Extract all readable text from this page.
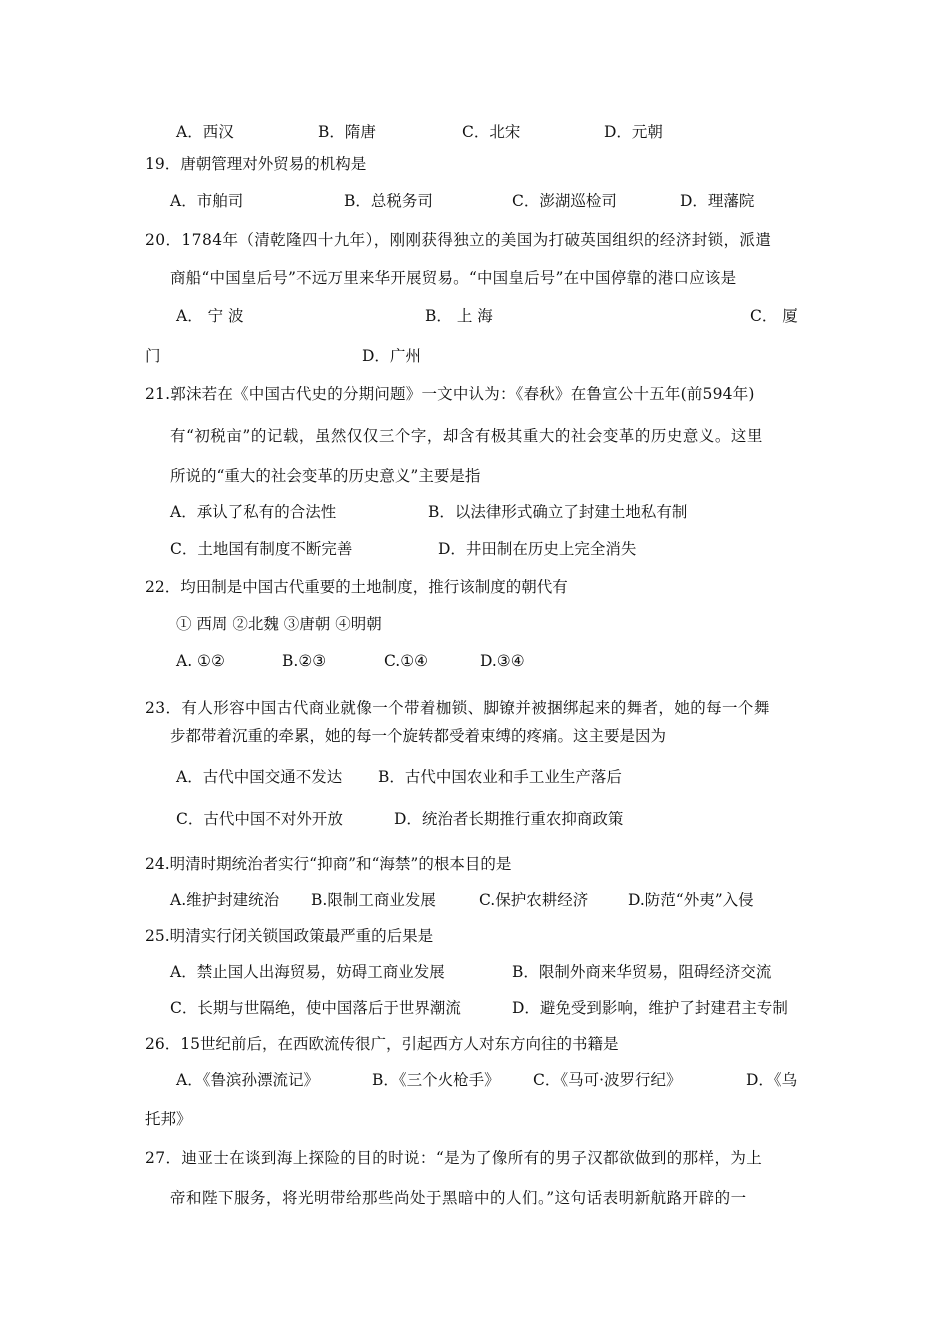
A．西汉	B．隋唐	C．北宋	D．元朝
19．唐朝管理对外贸易的机构是
A．市舶司	B．总税务司	C．澎湖巡检司	D．理藩院
20．1784年（清乾隆四十九年），刚刚获得独立的美国为打破英国组织的经济封锁，派遣
商船“中国皇后号”不远万里来华开展贸易。“中国皇后号”在中国停靠的港口应该是
A． 宁 波	B． 上 海	C． 厦
门	D．广州
21.郭沫若在《中国古代史的分期问题》一文中认为：《春秋》在鲁宣公十五年(前594年)
有“初税亩”的记载，虽然仅仅三个字，却含有极其重大的社会变革的历史意义。这里
所说的“重大的社会变革的历史意义”主要是指
A．承认了私有的合法性	B．以法律形式确立了封建土地私有制
C．土地国有制度不断完善	D．井田制在历史上完全消失
22．均田制是中国古代重要的土地制度，推行该制度的朝代有
① 西周 ②北魏 ③唐朝 ④明朝
A. ①②	B.②③	C.①④	D.③④
23．有人形容中国古代商业就像一个带着枷锁、脚镣并被捆绑起来的舞者，她的每一个舞
步都带着沉重的牵累，她的每一个旋转都受着束缚的疼痛。这主要是因为
A．古代中国交通不发达 B．古代中国农业和手工业生产落后
C．古代中国不对外开放	D．统治者长期推行重农抑商政策
24.明清时期统治者实行“抑商”和“海禁”的根本目的是
A.维护封建统治 B.限制工商业发展	C.保护农耕经济	D.防范“外夷”入侵
25.明清实行闭关锁国政策最严重的后果是
A．禁止国人出海贸易，妨碍工商业发展	B．限制外商来华贸易，阻碍经济交流
C．长期与世隔绝，使中国落后于世界潮流	D．避免受到影响，维护了封建君主专制
26．15世纪前后，在西欧流传很广，引起西方人对东方向往的书籍是
A．《鲁滨孙漂流记》	B．《三个火枪手》 C．《马可·波罗行纪》	D．《乌
托邦》
27．迪亚士在谈到海上探险的目的时说：“是为了像所有的男子汉都欲做到的那样，为上
帝和陛下服务，将光明带给那些尚处于黑暗中的人们。”这句话表明新航路开辟的一
